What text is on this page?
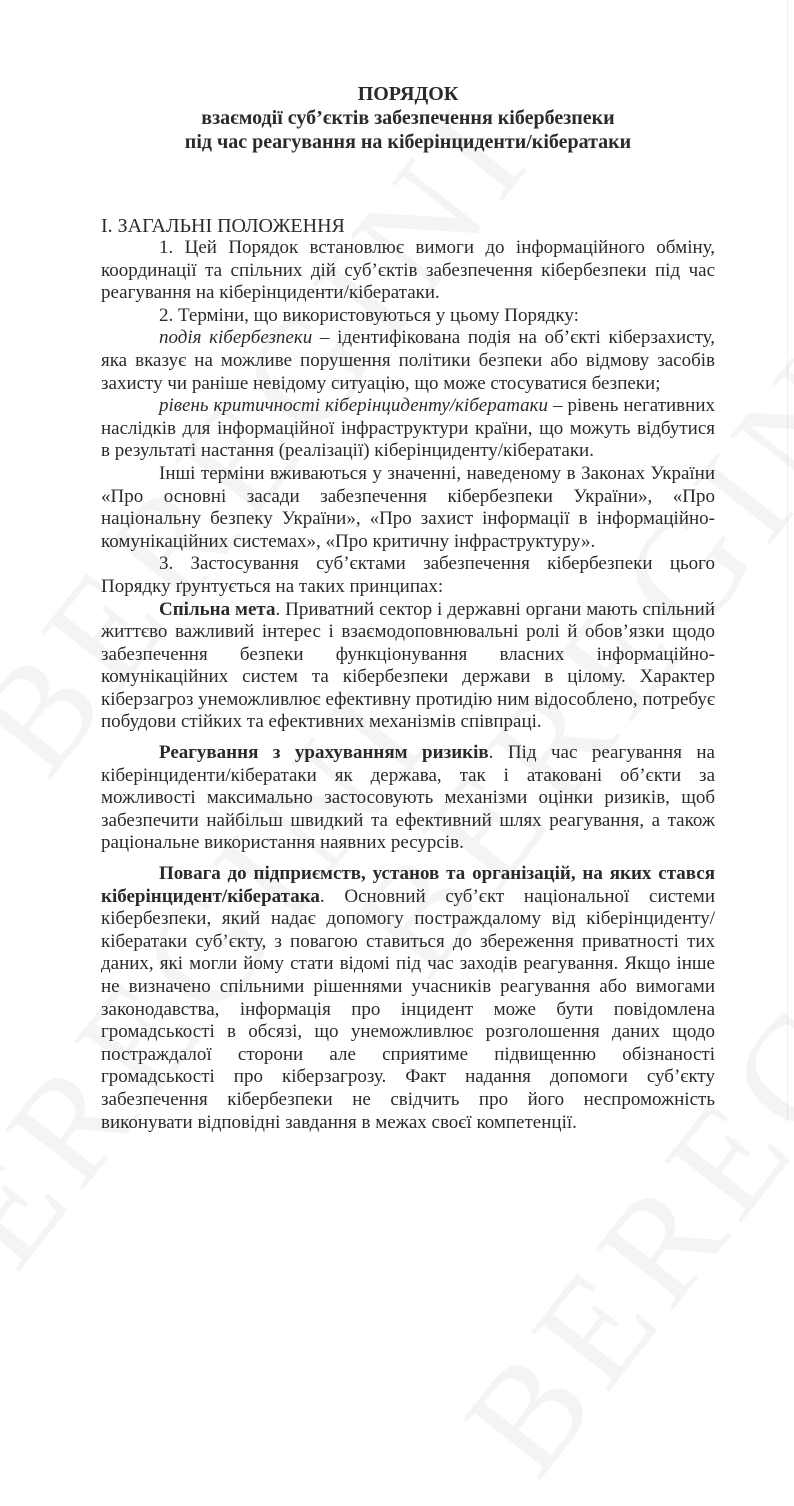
ПОРЯДОК
взаємодії суб’єктів забезпечення кібербезпеки
під час реагування на кіберінциденти/кібератаки
І. ЗАГАЛЬНІ ПОЛОЖЕННЯ

1. Цей Порядок встановлює вимоги до інформаційного обміну, координації та спільних дій суб’єктів забезпечення кібербезпеки під час реагування на кіберінциденти/кібератаки.

2. Терміни, що використовуються у цьому Порядку:

подія кібербезпеки – ідентифікована подія на об’єкті кіберзахисту, яка вказує на можливе порушення політики безпеки або відмову засобів захисту чи раніше невідому ситуацію, що може стосуватися безпеки;

рівень критичності кіберінциденту/кібератаки – рівень негативних наслідків для інформаційної інфраструктури країни, що можуть відбутися в результаті настання (реалізації) кіберінциденту/кібератаки.

Інші терміни вживаються у значенні, наведеному в Законах України «Про основні засади забезпечення кібербезпеки України», «Про національну безпеку України», «Про захист інформації в інформаційно-комунікаційних системах», «Про критичну інфраструктуру».

3. Застосування суб’єктами забезпечення кібербезпеки цього Порядку ґрунтується на таких принципах:

Спільна мета. Приватний сектор і державні органи мають спільний життєво важливий інтерес і взаємодоповнювальні ролі й обов’язки щодо забезпечення безпеки функціонування власних інформаційно-комунікаційних систем та кібербезпеки держави в цілому. Характер кіберзагроз унеможливлює ефективну протидію ним відособлено, потребує побудови стійких та ефективних механізмів співпраці.

Реагування з урахуванням ризиків. Під час реагування на кіберінциденти/кібератаки як держава, так і атаковані об’єкти за можливості максимально застосовують механізми оцінки ризиків, щоб забезпечити найбільш швидкий та ефективний шлях реагування, а також раціональне використання наявних ресурсів.

Повага до підприємств, установ та організацій, на яких стався кіберінцидент/кібератака. Основний суб’єкт національної системи кібербезпеки, який надає допомогу постраждалому від кіберінциденту/кібератаки суб’єкту, з повагою ставиться до збереження приватності тих даних, які могли йому стати відомі під час заходів реагування. Якщо інше не визначено спільними рішеннями учасників реагування або вимогами законодавства, інформація про інцидент може бути повідомлена громадськості в обсязі, що унеможливлює розголошення даних щодо постраждалої сторони але сприятиме підвищенню обізнаності громадськості про кіберзагрозу. Факт надання допомоги суб’єкту забезпечення кібербезпеки не свідчить про його неспроможність виконувати відповідні завдання в межах своєї компетенції.
